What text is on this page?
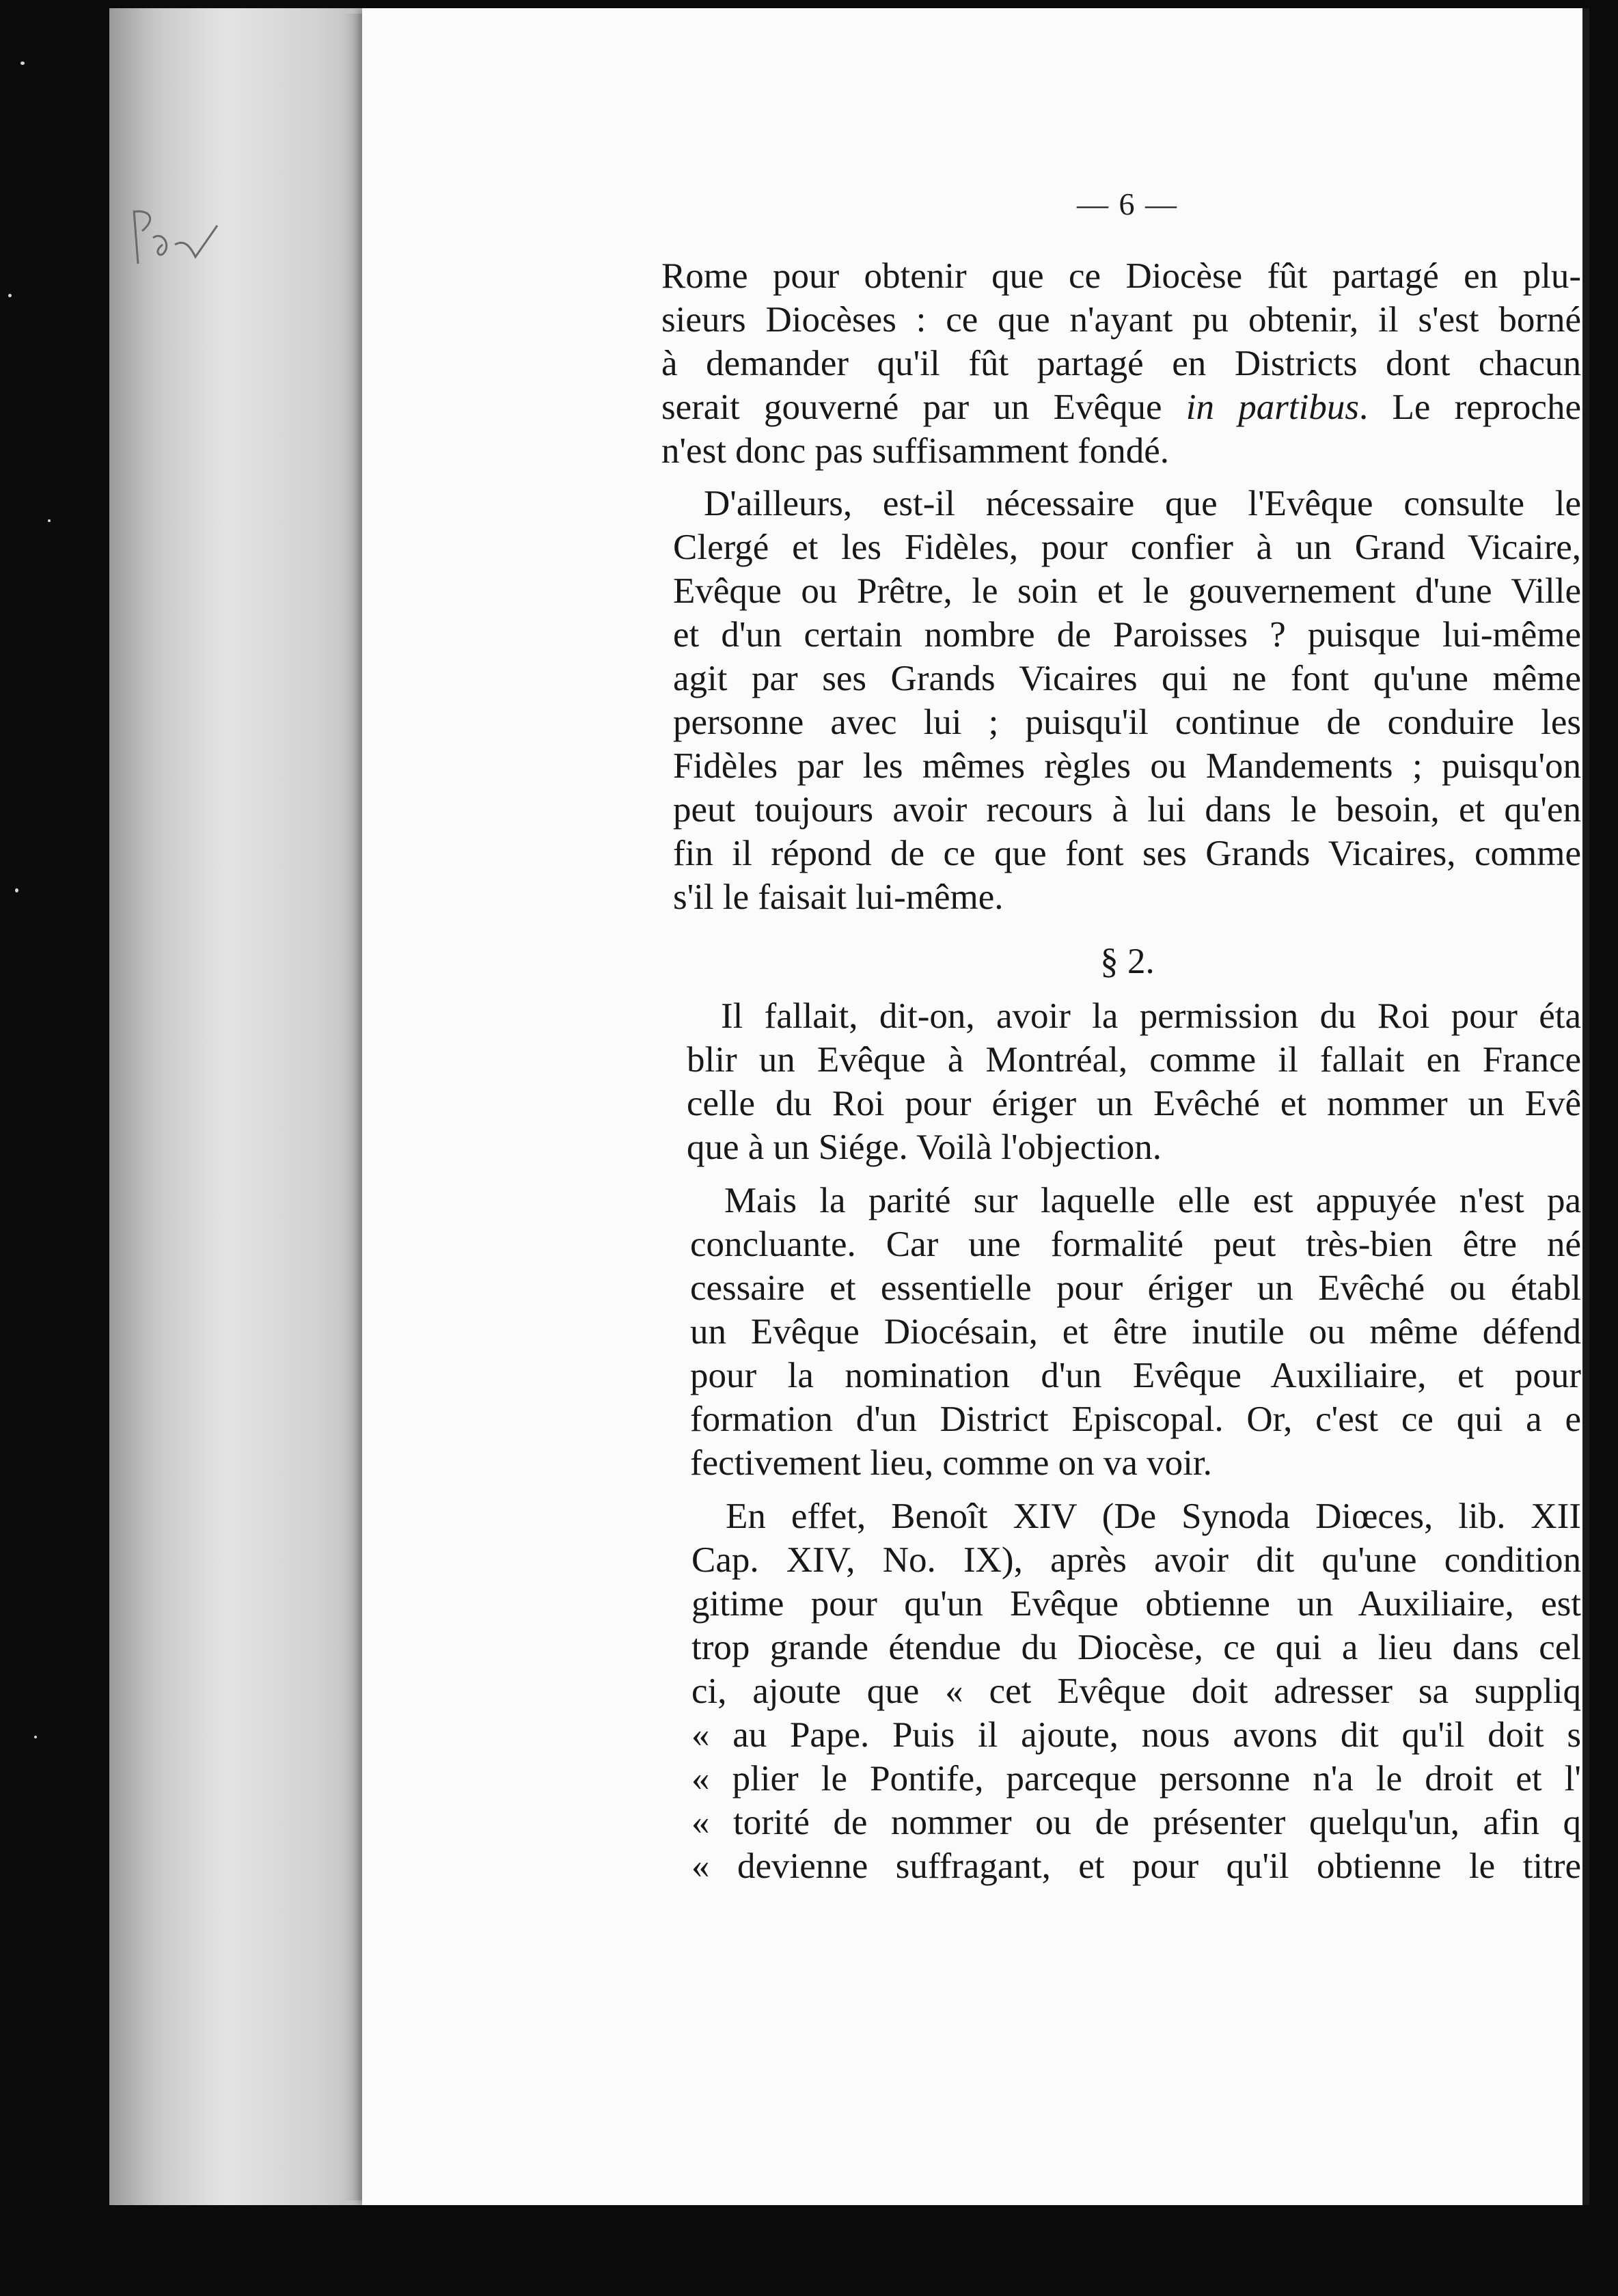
— 6 —
Rome pour obtenir que ce Diocèse fût partagé en plu-
sieurs Diocèses : ce que n'ayant pu obtenir, il s'est borné
à demander qu'il fût partagé en Districts dont chacun
serait gouverné par un Evêque in partibus. Le reproche
n'est donc pas suffisamment fondé.
D'ailleurs, est-il nécessaire que l'Evêque consulte le
Clergé et les Fidèles, pour confier à un Grand Vicaire,
Evêque ou Prêtre, le soin et le gouvernement d'une Ville
et d'un certain nombre de Paroisses ? puisque lui-même
agit par ses Grands Vicaires qui ne font qu'une même
personne avec lui ; puisqu'il continue de conduire les
Fidèles par les mêmes règles ou Mandements ; puisqu'on
peut toujours avoir recours à lui dans le besoin, et qu'en
fin il répond de ce que font ses Grands Vicaires, comme
s'il le faisait lui-même.
§ 2.
Il fallait, dit-on, avoir la permission du Roi pour éta
blir un Evêque à Montréal, comme il fallait en France
celle du Roi pour ériger un Evêché et nommer un Evê
que à un Siége. Voilà l'objection.
Mais la parité sur laquelle elle est appuyée n'est pa
concluante. Car une formalité peut très-bien être né
cessaire et essentielle pour ériger un Evêché ou établ
un Evêque Diocésain, et être inutile ou même défend
pour la nomination d'un Evêque Auxiliaire, et pour
formation d'un District Episcopal. Or, c'est ce qui a e
fectivement lieu, comme on va voir.
En effet, Benoît XIV (De Synoda Diœces, lib. XII
Cap. XIV, No. IX), après avoir dit qu'une condition
gitime pour qu'un Evêque obtienne un Auxiliaire, est
trop grande étendue du Diocèse, ce qui a lieu dans cel
ci, ajoute que « cet Evêque doit adresser sa suppliq
« au Pape. Puis il ajoute, nous avons dit qu'il doit s
« plier le Pontife, parceque personne n'a le droit et l'
« torité de nommer ou de présenter quelqu'un, afin q
« devienne suffragant, et pour qu'il obtienne le titre
